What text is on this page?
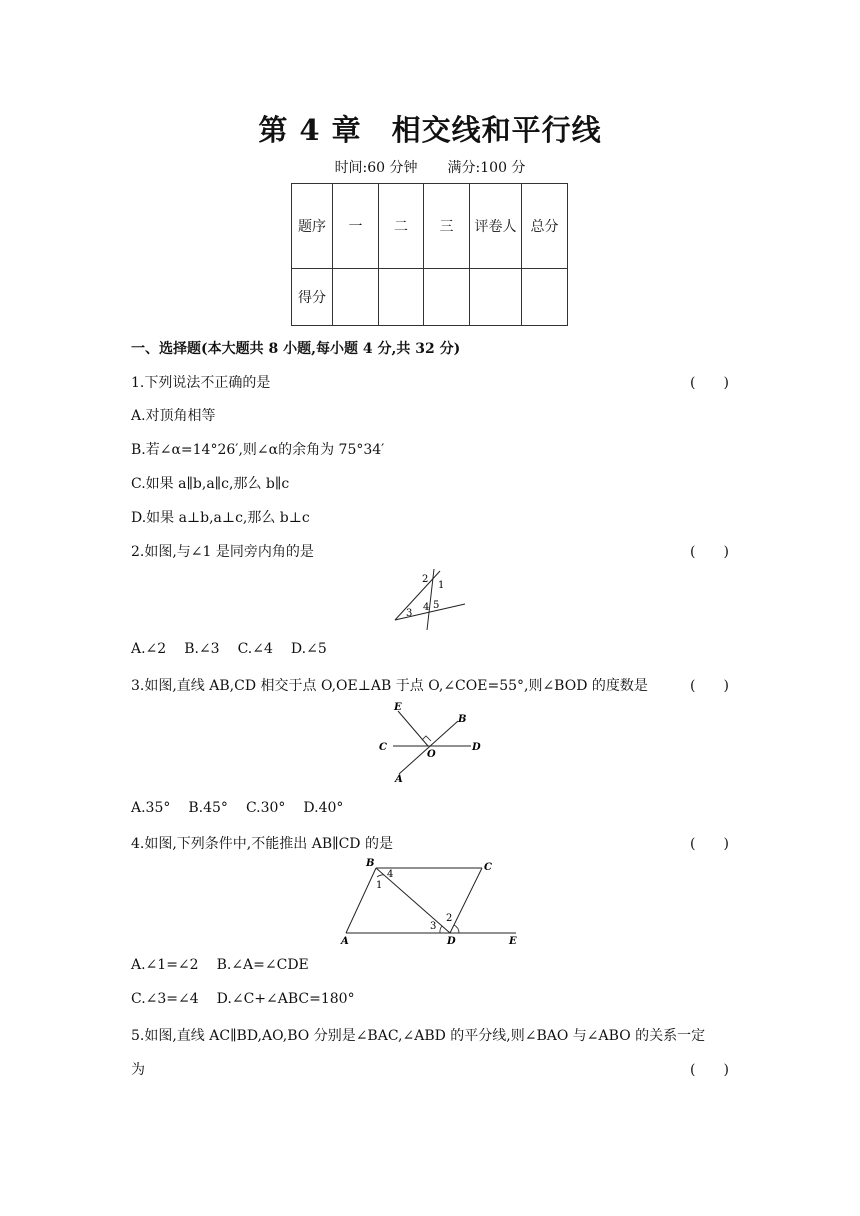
第 4 章　相交线和平行线
时间:60 分钟 满分:100 分
题序	一	二	三	评卷人	总分
得分					
一、选择题(本大题共 8 小题,每小题 4 分,共 32 分)
1.下列说法不正确的是	(　　)
A.对顶角相等
B.若∠α=14°26′,则∠α的余角为 75°34′
C.如果 a∥b,a∥c,那么 b∥c
D.如果 a⊥b,a⊥c,那么 b⊥c
2.如图,与∠1 是同旁内角的是	(　　)
2
1
3
4 5
A.∠2 B.∠3 C.∠4 D.∠5
3.如图,直线 AB,CD 相交于点 O,OE⊥AB 于点 O,∠COE=55°,则∠BOD 的度数是	(　　)
E
B
C
O
D
A
A.35° B.45° C.30° D.40°
4.如图,下列条件中,不能推出 AB∥CD 的是	(　　)
B
4
1
C
2
3
A	D	E
A.∠1=∠2 B.∠A=∠CDE
C.∠3=∠4 D.∠C+∠ABC=180°
5.如图,直线 AC∥BD,AO,BO 分别是∠BAC,∠ABD 的平分线,则∠BAO 与∠ABO 的关系一定
为	(　　)
